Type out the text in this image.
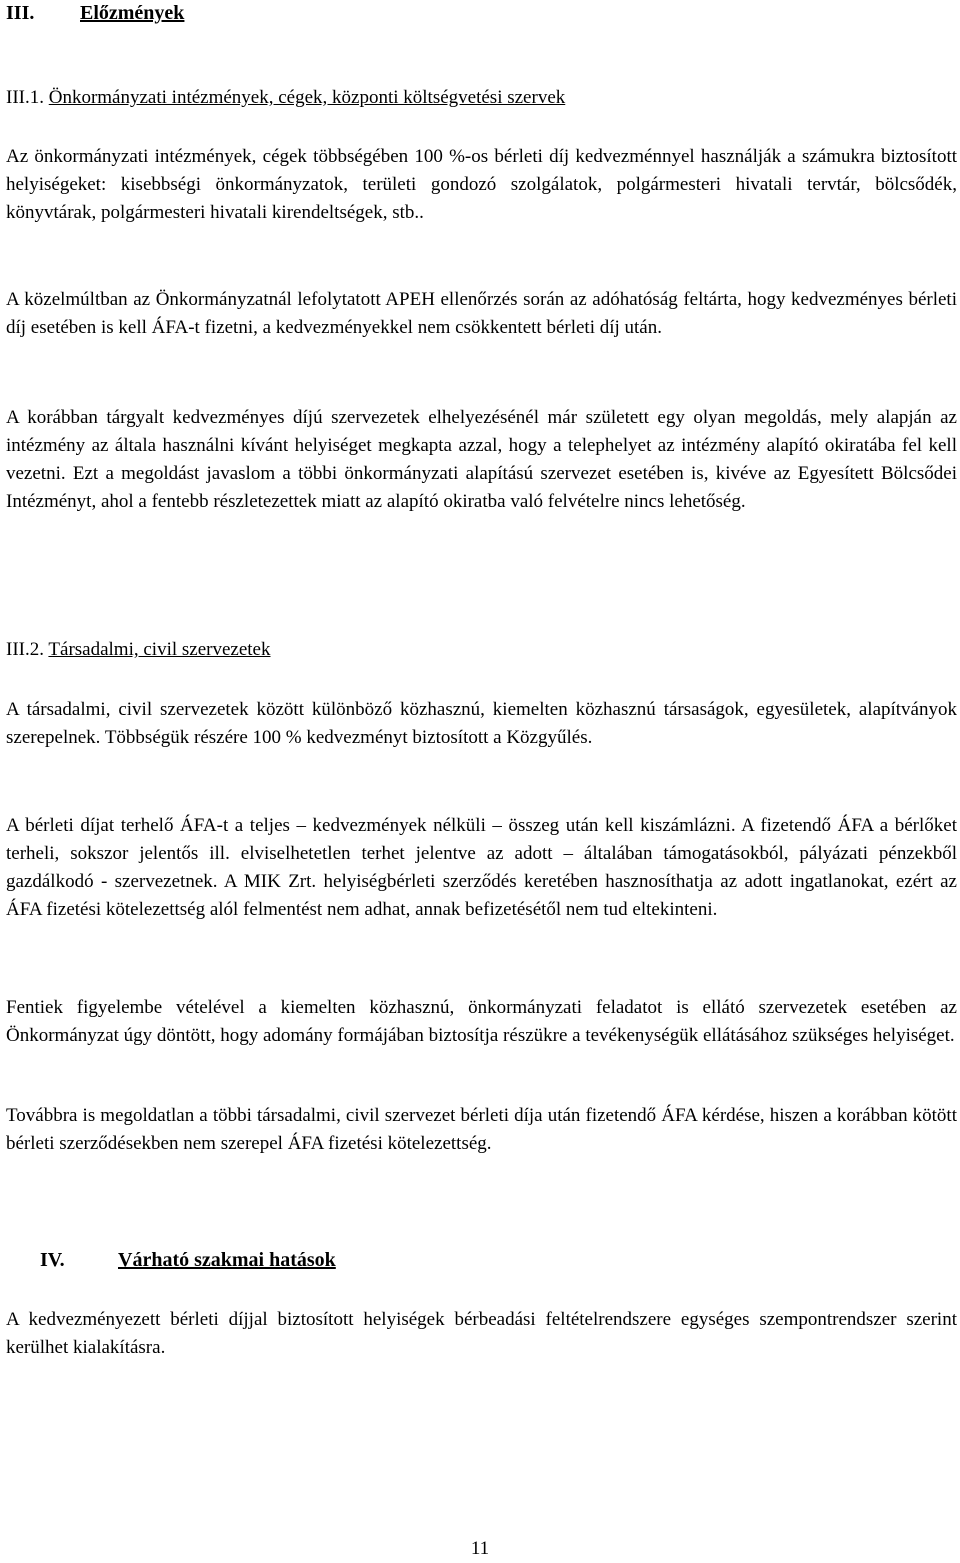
III. Előzmények
III.1. Önkormányzati intézmények, cégek, központi költségvetési szervek

Az önkormányzati intézmények, cégek többségében 100 %-os bérleti díj kedvezménnyel használják a számukra biztosított helyiségeket: kisebbségi önkormányzatok, területi gondozó szolgálatok, polgármesteri hivatali tervtár, bölcsődék, könyvtárak, polgármesteri hivatali kirendeltségek, stb..

A közelmúltban az Önkormányzatnál lefolytatott APEH ellenőrzés során az adóhatóság feltárta, hogy kedvezményes bérleti díj esetében is kell ÁFA-t fizetni, a kedvezményekkel nem csökkentett bérleti díj után.

A korábban tárgyalt kedvezményes díjú szervezetek elhelyezésénél már született egy olyan megoldás, mely alapján az intézmény az általa használni kívánt helyiséget megkapta azzal, hogy a telephelyet az intézmény alapító okiratába fel kell vezetni. Ezt a megoldást javaslom a többi önkormányzati alapítású szervezet esetében is, kivéve az Egyesített Bölcsődei Intézményt, ahol a fentebb részletezettek miatt az alapító okiratba való felvételre nincs lehetőség.

III.2. Társadalmi, civil szervezetek

A társadalmi, civil szervezetek között különböző közhasznú, kiemelten közhasznú társaságok, egyesületek, alapítványok szerepelnek. Többségük részére 100 % kedvezményt biztosított a Közgyűlés.

A bérleti díjat terhelő ÁFA-t a teljes – kedvezmények nélküli – összeg után kell kiszámlázni. A fizetendő ÁFA a bérlőket terheli, sokszor jelentős ill. elviselhetetlen terhet jelentve az adott – általában támogatásokból, pályázati pénzekből gazdálkodó - szervezetnek. A MIK Zrt. helyiségbérleti szerződés keretében hasznosíthatja az adott ingatlanokat, ezért az ÁFA fizetési kötelezettség alól felmentést nem adhat, annak befizetésétől nem tud eltekinteni.

Fentiek figyelembe vételével a kiemelten közhasznú, önkormányzati feladatot is ellátó szervezetek esetében az Önkormányzat úgy döntött, hogy adomány formájában biztosítja részükre a tevékenységük ellátásához szükséges helyiséget.

Továbbra is megoldatlan a többi társadalmi, civil szervezet bérleti díja után fizetendő ÁFA kérdése, hiszen a korábban kötött bérleti szerződésekben nem szerepel ÁFA fizetési kötelezettség.

IV.	Várható szakmai hatások

A kedvezményezett bérleti díjjal biztosított helyiségek bérbeadási feltételrendszere egységes szempontrendszer szerint kerülhet kialakításra.

11
